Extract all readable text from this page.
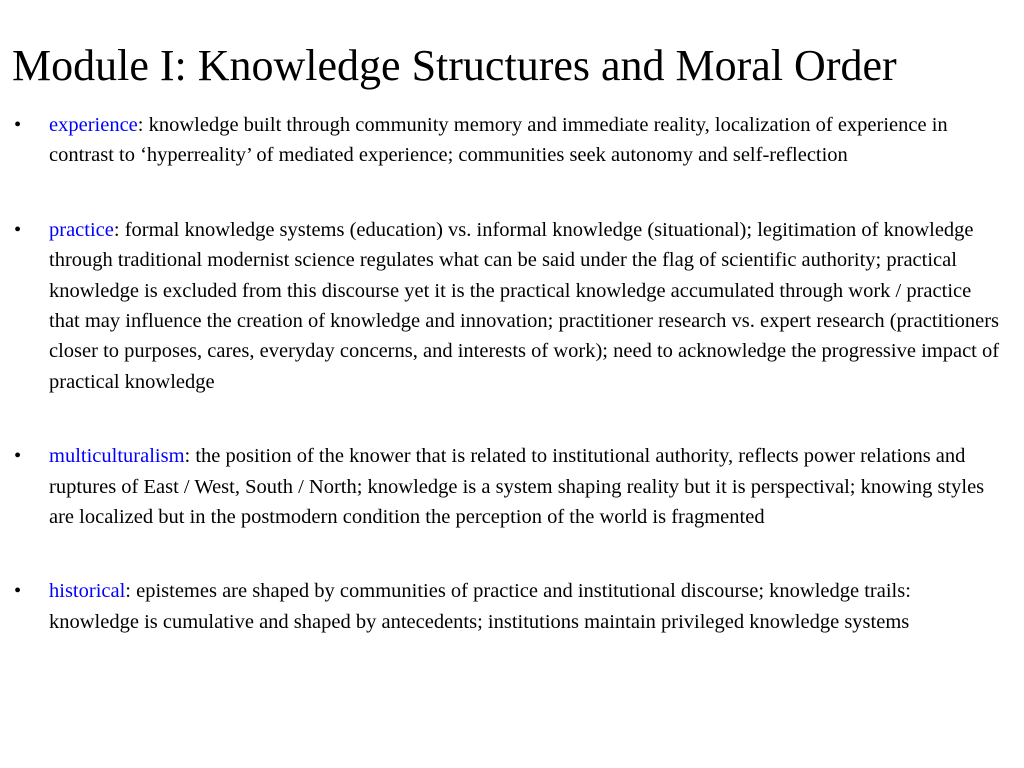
Module I: Knowledge Structures and Moral Order
• experience: knowledge built through community memory and immediate reality, localization of experience in contrast to ‘hyperreality’ of mediated experience; communities seek autonomy and self-reflection
• practice: formal knowledge systems (education) vs. informal knowledge (situational); legitimation of knowledge through traditional modernist science regulates what can be said under the flag of scientific authority; practical knowledge is excluded from this discourse yet it is the practical knowledge accumulated through work / practice that may influence the creation of knowledge and innovation; practitioner research vs. expert research (practitioners closer to purposes, cares, everyday concerns, and interests of work); need to acknowledge the progressive impact of practical knowledge
• multiculturalism: the position of the knower that is related to institutional authority, reflects power relations and ruptures of East / West, South / North; knowledge is a system shaping reality but it is perspectival; knowing styles are localized but in the postmodern condition the perception of the world is fragmented
• historical: epistemes are shaped by communities of practice and institutional discourse; knowledge trails: knowledge is cumulative and shaped by antecedents; institutions maintain privileged knowledge systems
